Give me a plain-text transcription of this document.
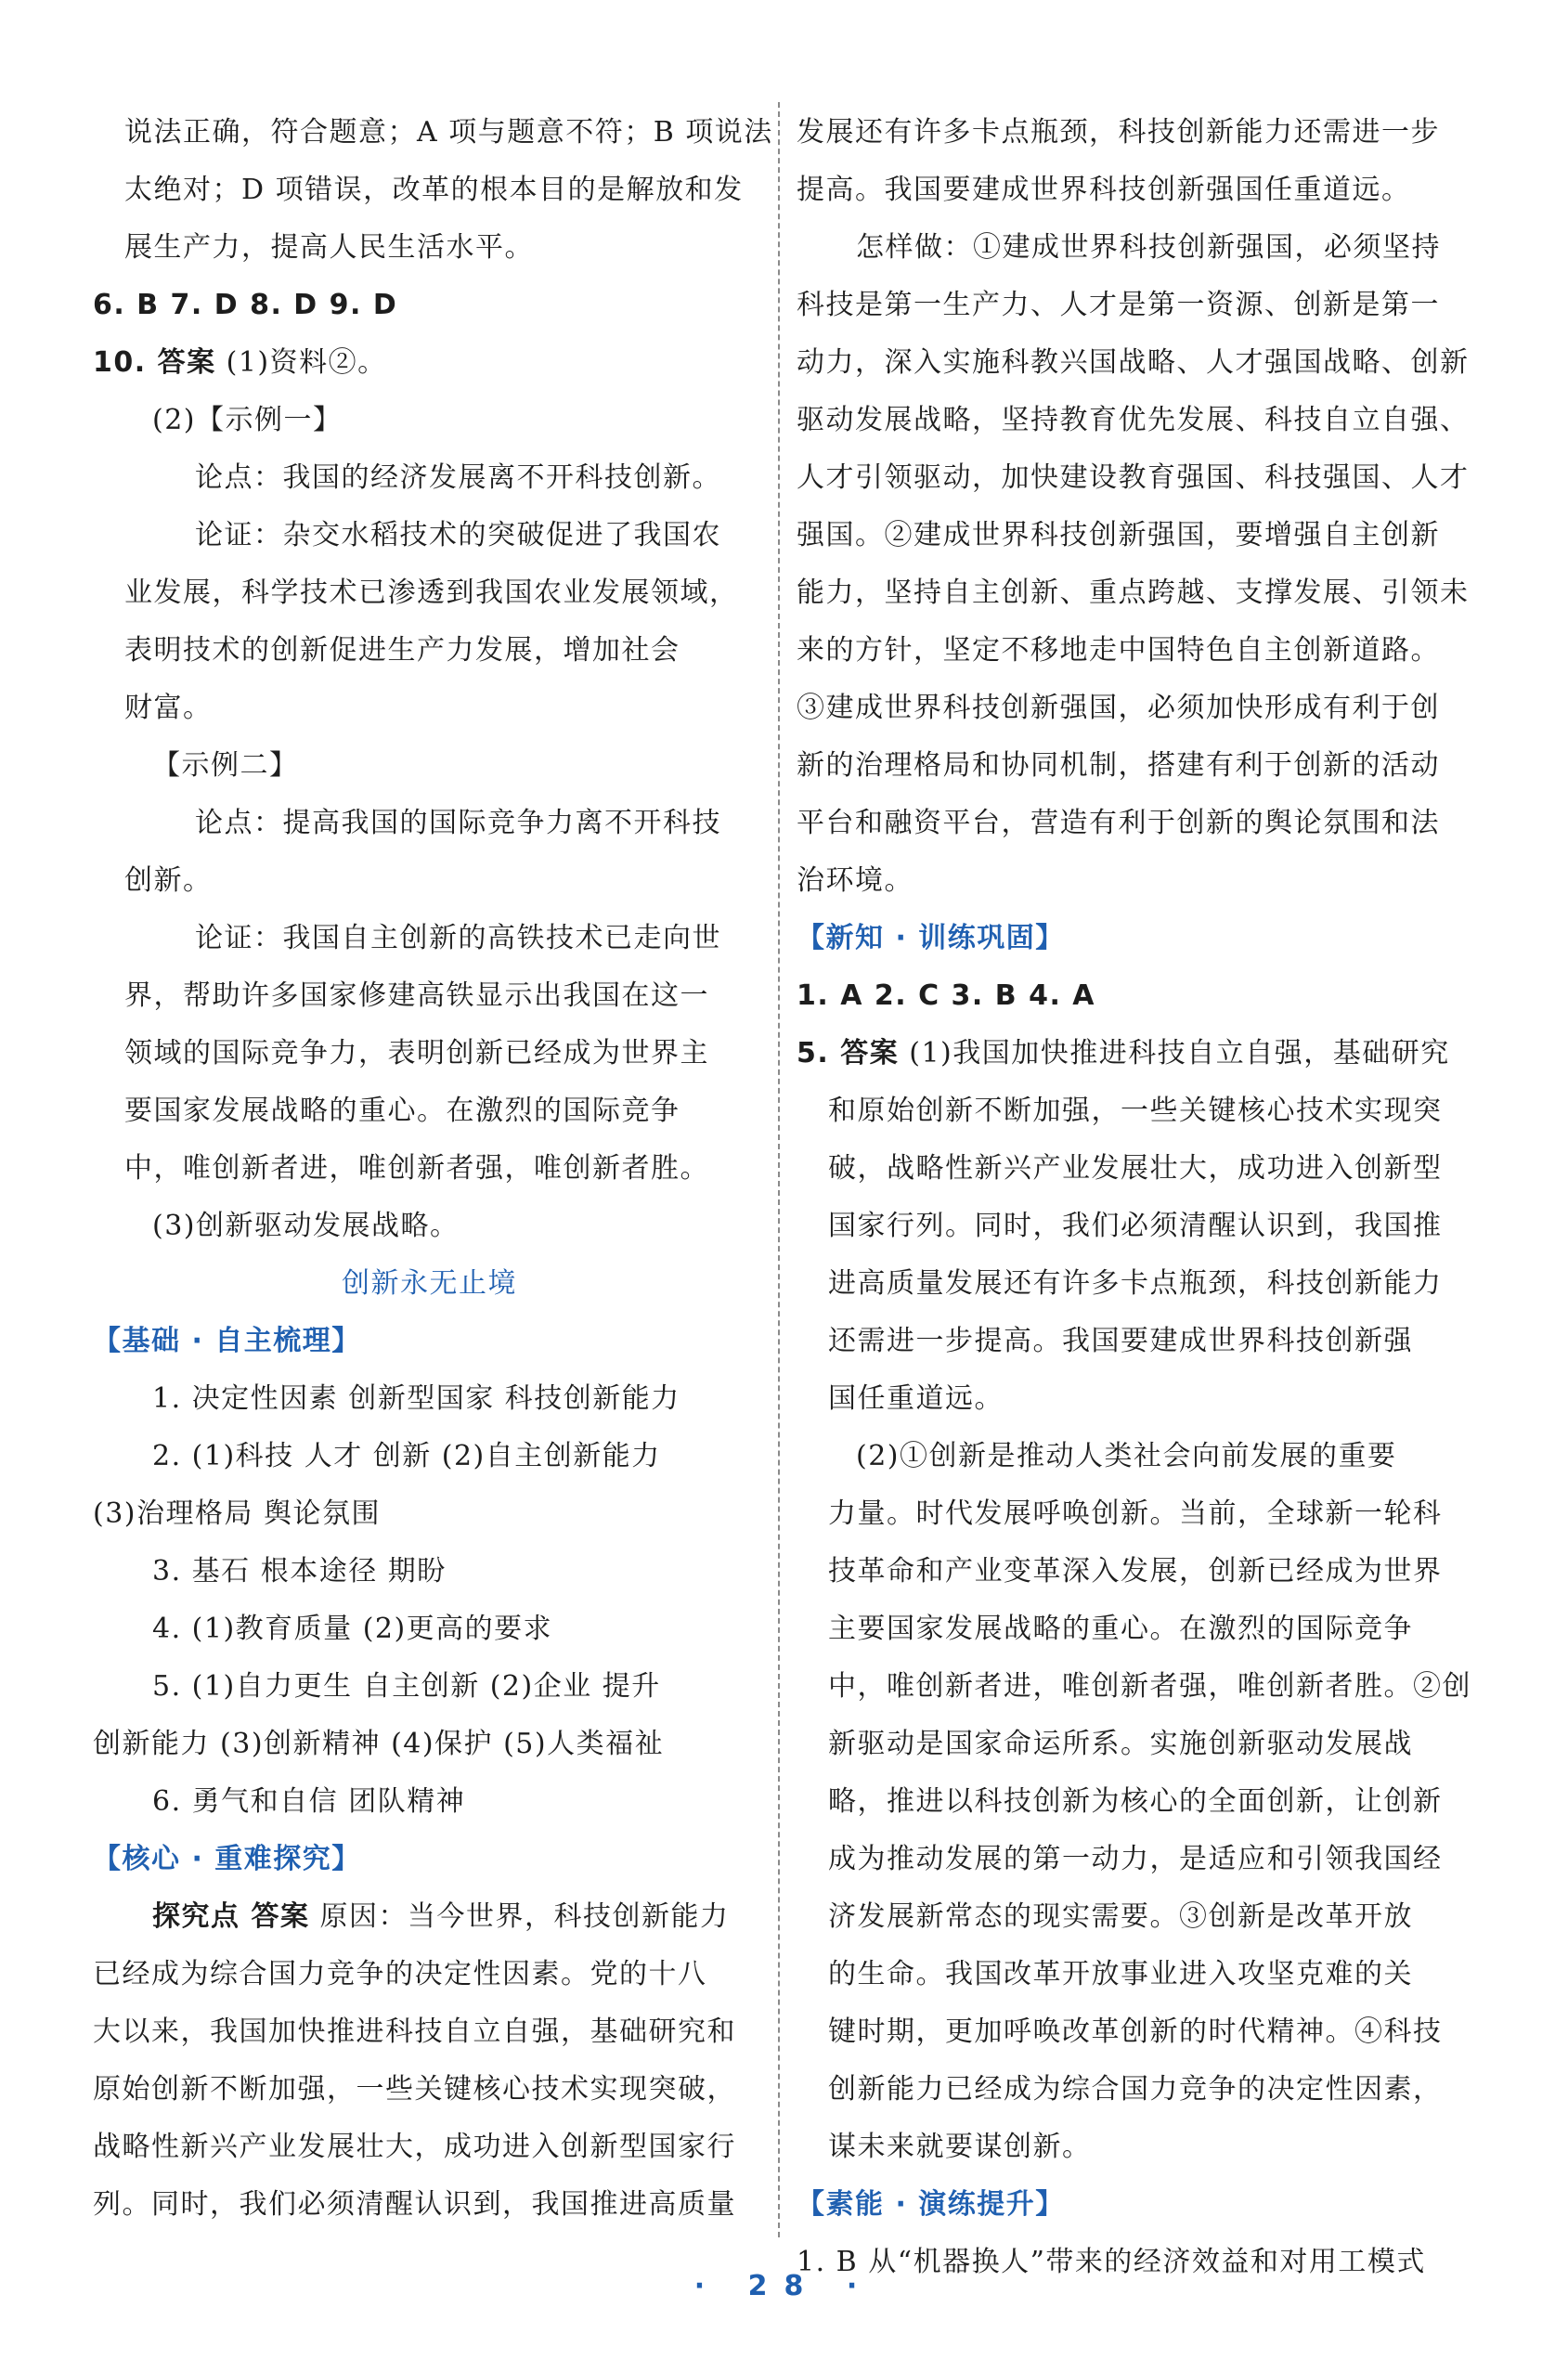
说法正确，符合题意；A 项与题意不符；B 项说法
太绝对；D 项错误，改革的根本目的是解放和发
展生产力，提高人民生活水平。
6. B 7. D 8. D 9. D
10. 答案 (1)资料②。
(2)【示例一】
论点：我国的经济发展离不开科技创新。
论证：杂交水稻技术的突破促进了我国农
业发展，科学技术已渗透到我国农业发展领域，
表明技术的创新促进生产力发展，增加社会
财富。
【示例二】
论点：提高我国的国际竞争力离不开科技
创新。
论证：我国自主创新的高铁技术已走向世
界，帮助许多国家修建高铁显示出我国在这一
领域的国际竞争力，表明创新已经成为世界主
要国家发展战略的重心。在激烈的国际竞争
中，唯创新者进，唯创新者强，唯创新者胜。
(3)创新驱动发展战略。
创新永无止境
【基础 · 自主梳理】
1. 决定性因素 创新型国家 科技创新能力
2. (1)科技 人才 创新 (2)自主创新能力
(3)治理格局 舆论氛围
3. 基石 根本途径 期盼
4. (1)教育质量 (2)更高的要求
5. (1)自力更生 自主创新 (2)企业 提升
创新能力 (3)创新精神 (4)保护 (5)人类福祉
6. 勇气和自信 团队精神
【核心 · 重难探究】
探究点 答案 原因：当今世界，科技创新能力
已经成为综合国力竞争的决定性因素。党的十八
大以来，我国加快推进科技自立自强，基础研究和
原始创新不断加强，一些关键核心技术实现突破，
战略性新兴产业发展壮大，成功进入创新型国家行
列。同时，我们必须清醒认识到，我国推进高质量
发展还有许多卡点瓶颈，科技创新能力还需进一步
提高。我国要建成世界科技创新强国任重道远。
怎样做：①建成世界科技创新强国，必须坚持
科技是第一生产力、人才是第一资源、创新是第一
动力，深入实施科教兴国战略、人才强国战略、创新
驱动发展战略，坚持教育优先发展、科技自立自强、
人才引领驱动，加快建设教育强国、科技强国、人才
强国。②建成世界科技创新强国，要增强自主创新
能力，坚持自主创新、重点跨越、支撑发展、引领未
来的方针，坚定不移地走中国特色自主创新道路。
③建成世界科技创新强国，必须加快形成有利于创
新的治理格局和协同机制，搭建有利于创新的活动
平台和融资平台，营造有利于创新的舆论氛围和法
治环境。
【新知 · 训练巩固】
1. A 2. C 3. B 4. A
5. 答案 (1)我国加快推进科技自立自强，基础研究
和原始创新不断加强，一些关键核心技术实现突
破，战略性新兴产业发展壮大，成功进入创新型
国家行列。同时，我们必须清醒认识到，我国推
进高质量发展还有许多卡点瓶颈，科技创新能力
还需进一步提高。我国要建成世界科技创新强
国任重道远。
(2)①创新是推动人类社会向前发展的重要
力量。时代发展呼唤创新。当前，全球新一轮科
技革命和产业变革深入发展，创新已经成为世界
主要国家发展战略的重心。在激烈的国际竞争
中，唯创新者进，唯创新者强，唯创新者胜。②创
新驱动是国家命运所系。实施创新驱动发展战
略，推进以科技创新为核心的全面创新，让创新
成为推动发展的第一动力，是适应和引领我国经
济发展新常态的现实需要。③创新是改革开放
的生命。我国改革开放事业进入攻坚克难的关
键时期，更加呼唤改革创新的时代精神。④科技
创新能力已经成为综合国力竞争的决定性因素，
谋未来就要谋创新。
【素能 · 演练提升】
1. B 从“机器换人”带来的经济效益和对用工模式
· 28 ·
